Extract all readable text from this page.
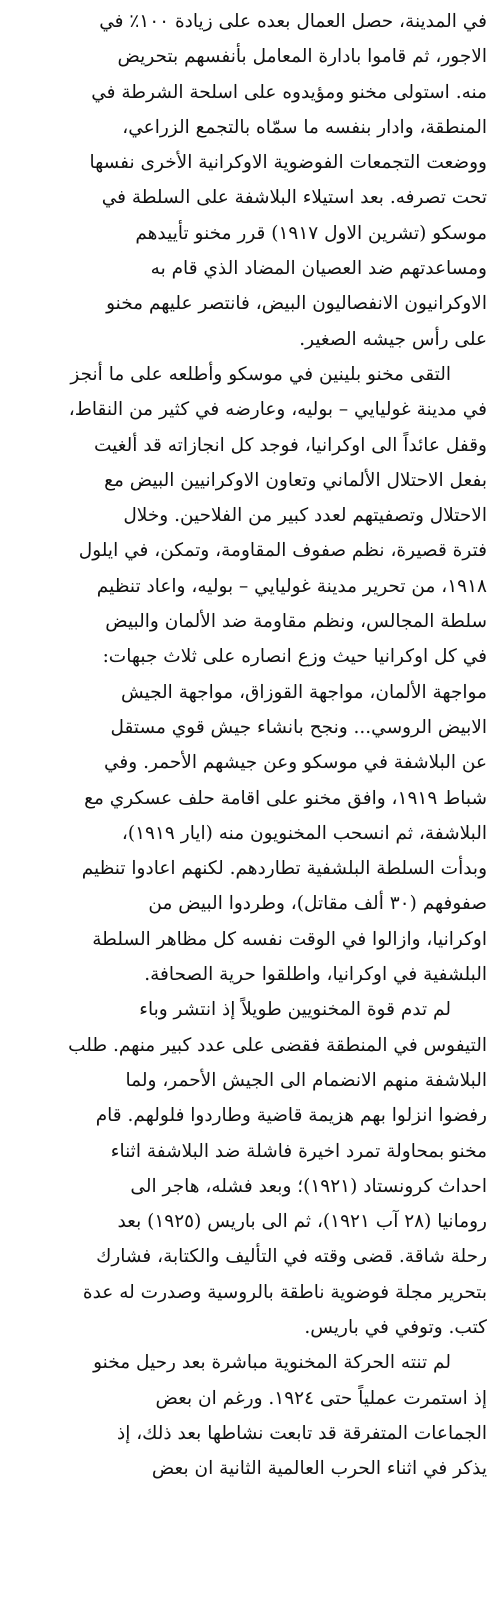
في المدينة، حصل العمال بعده على زيادة ١٠٠٪ في
الاجور، ثم قاموا بادارة المعامل بأنفسهم بتحريض
منه. استولى مخنو ومؤيدوه على اسلحة الشرطة في
المنطقة، وادار بنفسه ما سمّاه بالتجمع الزراعي،
ووضعت التجمعات الفوضوية الاوكرانية الأخرى نفسها
تحت تصرفه. بعد استيلاء البلاشفة على السلطة في
موسكو (تشرين الاول ١٩١٧) قرر مخنو تأييدهم
ومساعدتهم ضد العصيان المضاد الذي قام به
الاوكرانيون الانفصاليون البيض، فانتصر عليهم مخنو
على رأس جيشه الصغير.
التقى مخنو بلينين في موسكو وأطلعه على ما أنجز
في مدينة غوليايي – بوليه، وعارضه في كثير من النقاط،
وقفل عائداً الى اوكرانيا، فوجد كل انجازاته قد ألغيت
بفعل الاحتلال الألماني وتعاون الاوكرانيين البيض مع
الاحتلال وتصفيتهم لعدد كبير من الفلاحين. وخلال
فترة قصيرة، نظم صفوف المقاومة، وتمكن، في ايلول
١٩١٨، من تحرير مدينة غوليايي – بوليه، واعاد تنظيم
سلطة المجالس، ونظم مقاومة ضد الألمان والبيض
في كل اوكرانيا حيث وزع انصاره على ثلاث جبهات:
مواجهة الألمان، مواجهة القوزاق، مواجهة الجيش
الابيض الروسي... ونجح بانشاء جيش قوي مستقل
عن البلاشفة في موسكو وعن جيشهم الأحمر. وفي
شباط ١٩١٩، وافق مخنو على اقامة حلف عسكري مع
البلاشفة، ثم انسحب المخنويون منه (ايار ١٩١٩)،
وبدأت السلطة البلشفية تطاردهم. لكنهم اعادوا تنظيم
صفوفهم (٣٠ ألف مقاتل)، وطردوا البيض من
اوكرانيا، وازالوا في الوقت نفسه كل مظاهر السلطة
البلشفية في اوكرانيا، واطلقوا حرية الصحافة.
لم تدم قوة المخنويين طويلاً إذ انتشر وباء
التيفوس في المنطقة فقضى على عدد كبير منهم. طلب
البلاشفة منهم الانضمام الى الجيش الأحمر، ولما
رفضوا انزلوا بهم هزيمة قاضية وطاردوا فلولهم. قام
مخنو بمحاولة تمرد اخيرة فاشلة ضد البلاشفة اثناء
احداث كرونستاد (١٩٢١)؛ وبعد فشله، هاجر الى
رومانيا (٢٨ آب ١٩٢١)، ثم الى باريس (١٩٢٥) بعد
رحلة شاقة. قضى وقته في التأليف والكتابة، فشارك
بتحرير مجلة فوضوية ناطقة بالروسية وصدرت له عدة
كتب. وتوفي في باريس.
لم تنته الحركة المخنوية مباشرة بعد رحيل مخنو
إذ استمرت عملياً حتى ١٩٢٤. ورغم ان بعض
الجماعات المتفرقة قد تابعت نشاطها بعد ذلك، إذ
يذكر في اثناء الحرب العالمية الثانية ان بعض
